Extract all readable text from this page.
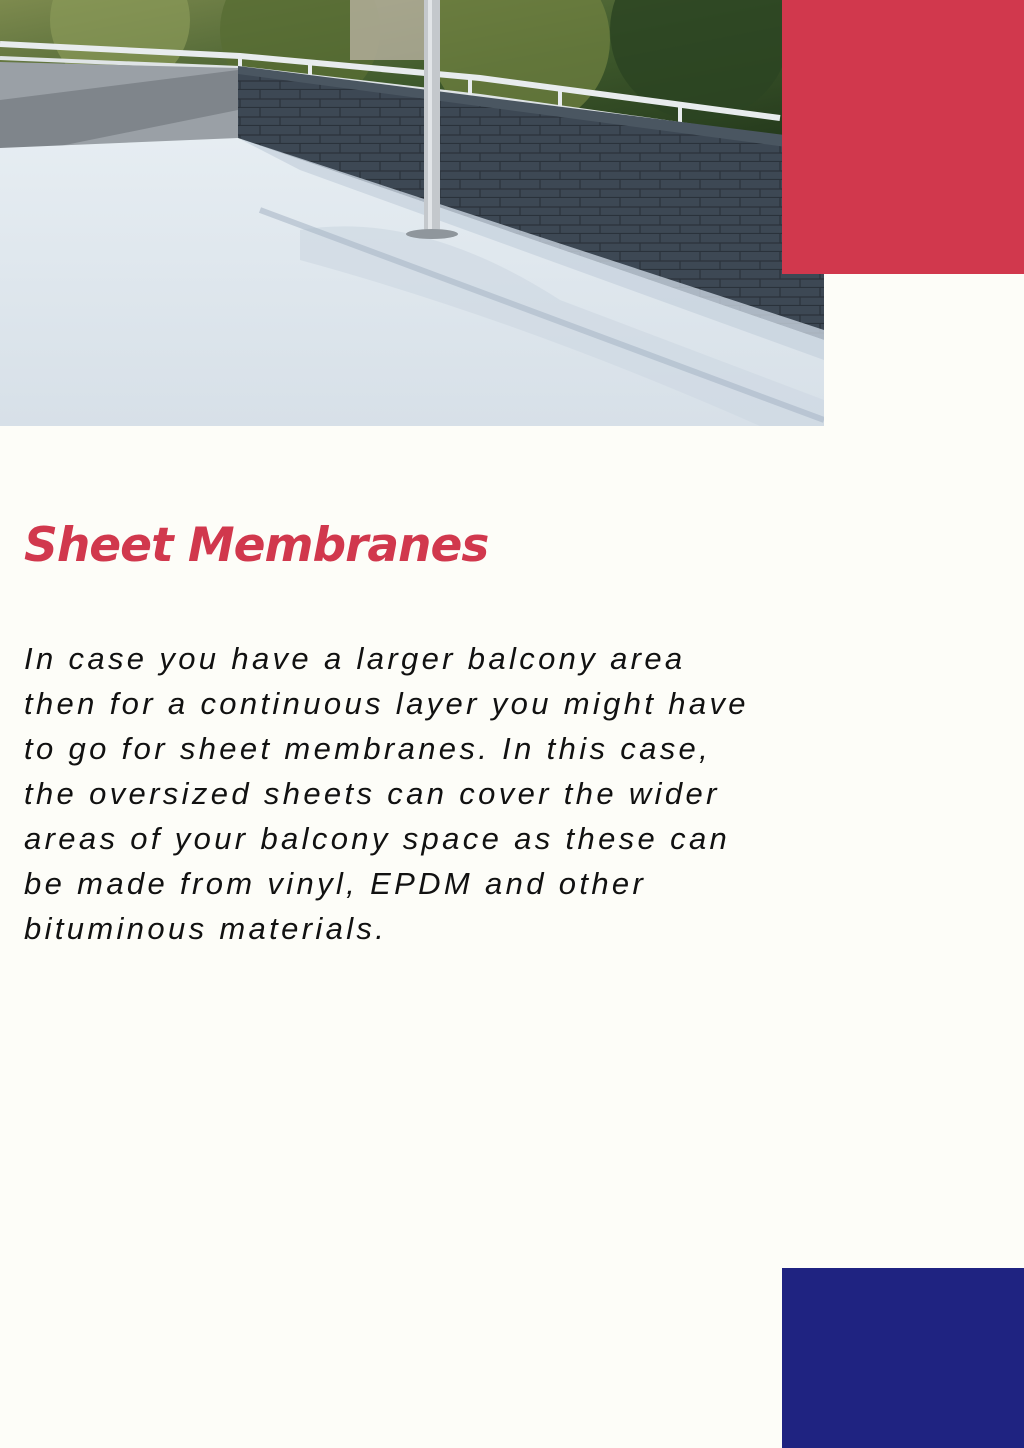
Sheet Membranes
In case you have a larger balcony area
then for a continuous layer you might have
to go for sheet membranes. In this case,
the oversized sheets can cover the wider
areas of your balcony space as these can
be made from vinyl, EPDM and other
bituminous materials.
